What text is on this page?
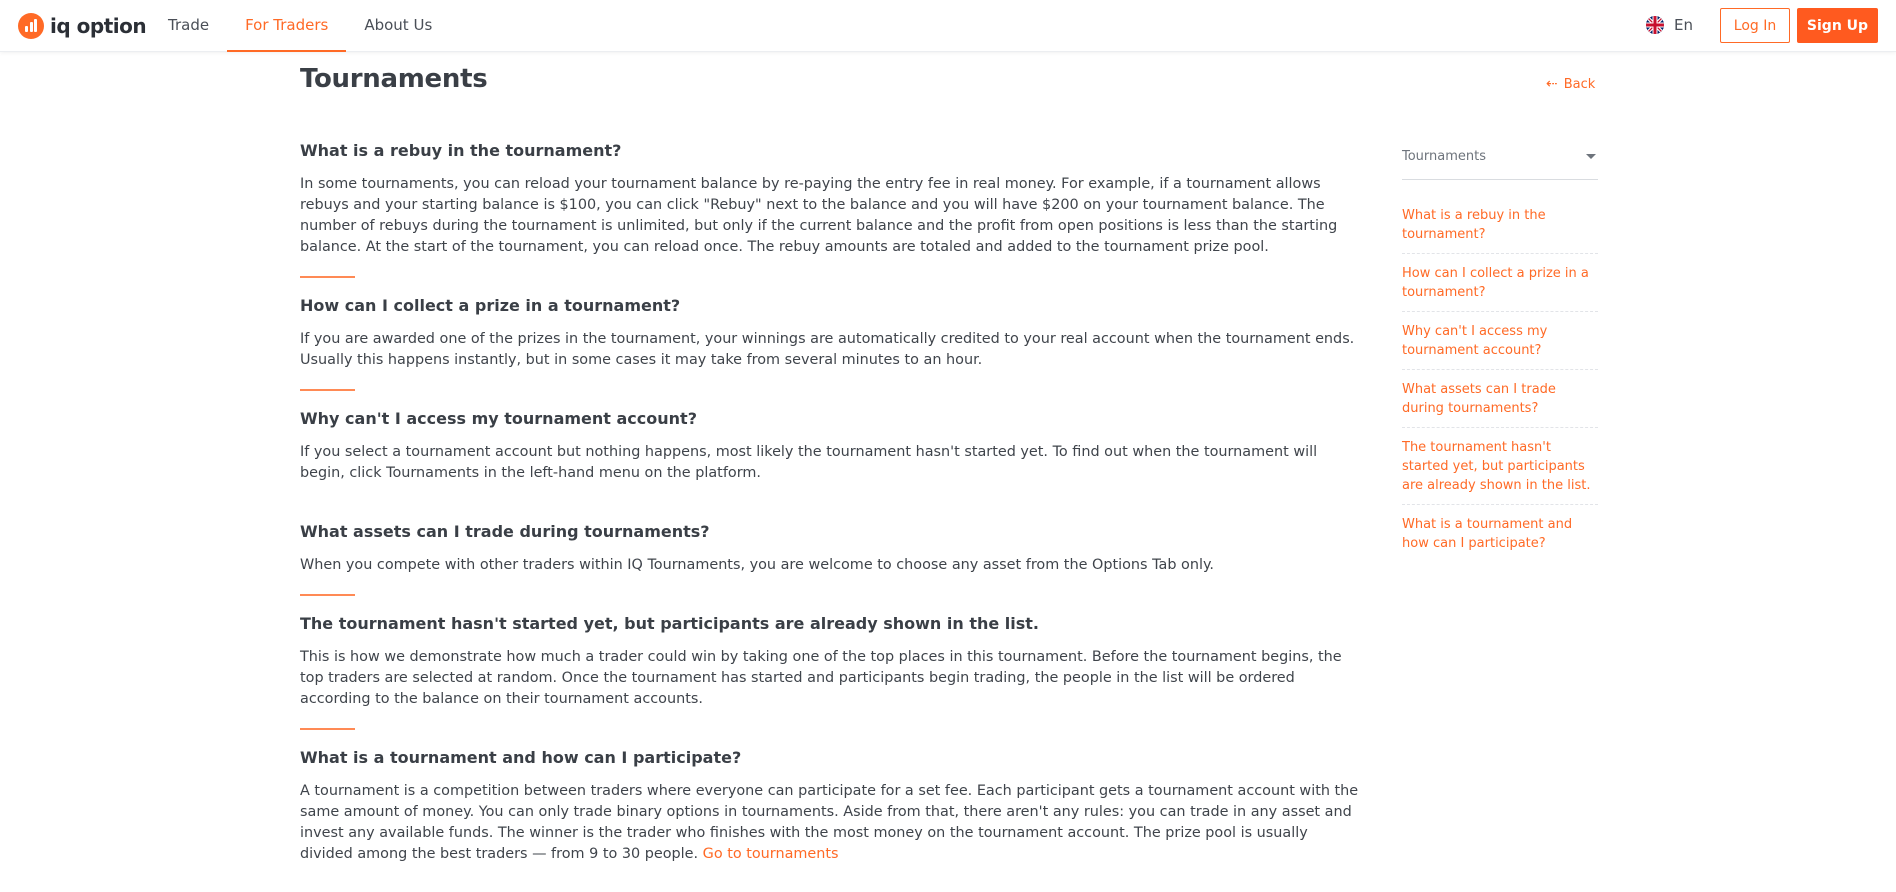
iq option	Trade	For Traders	About Us	En	Log In	Sign Up
Tournaments	⇠ Back
What is a rebuy in the tournament?

In some tournaments, you can reload your tournament balance by re-paying the entry fee in real money. For example, if a tournament allows rebuys and your starting balance is $100, you can click "Rebuy" next to the balance and you will have $200 on your tournament balance. The number of rebuys during the tournament is unlimited, but only if the current balance and the profit from open positions is less than the starting balance. At the start of the tournament, you can reload once. The rebuy amounts are totaled and added to the tournament prize pool.

How can I collect a prize in a tournament?

If you are awarded one of the prizes in the tournament, your winnings are automatically credited to your real account when the tournament ends. Usually this happens instantly, but in some cases it may take from several minutes to an hour.

Why can't I access my tournament account?

If you select a tournament account but nothing happens, most likely the tournament hasn't started yet. To find out when the tournament will begin, click Tournaments in the left-hand menu on the platform.

What assets can I trade during tournaments?

When you compete with other traders within IQ Tournaments, you are welcome to choose any asset from the Options Tab only.

The tournament hasn't started yet, but participants are already shown in the list.

This is how we demonstrate how much a trader could win by taking one of the top places in this tournament. Before the tournament begins, the top traders are selected at random. Once the tournament has started and participants begin trading, the people in the list will be ordered according to the balance on their tournament accounts.

What is a tournament and how can I participate?

A tournament is a competition between traders where everyone can participate for a set fee. Each participant gets a tournament account with the same amount of money. You can only trade binary options in tournaments. Aside from that, there aren't any rules: you can trade in any asset and invest any available funds. The winner is the trader who finishes with the most money on the tournament account. The prize pool is usually divided among the best traders — from 9 to 30 people. Go to tournaments

Tournaments
What is a rebuy in the tournament?
How can I collect a prize in a tournament?
Why can't I access my tournament account?
What assets can I trade during tournaments?
The tournament hasn't started yet, but participants are already shown in the list.
What is a tournament and how can I participate?
